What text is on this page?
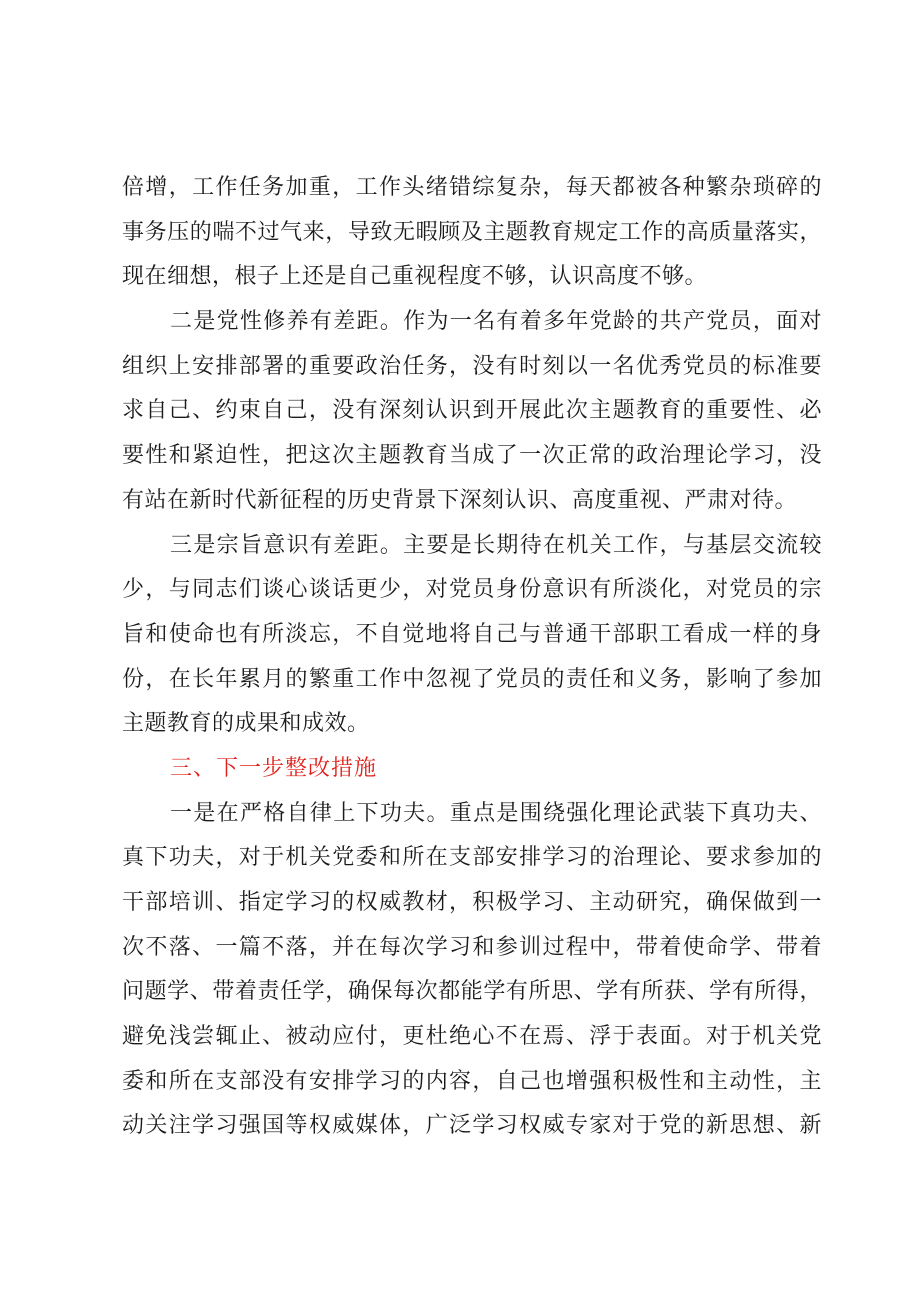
倍增，工作任务加重，工作头绪错综复杂，每天都被各种繁杂琐碎的
事务压的喘不过气来，导致无暇顾及主题教育规定工作的高质量落实，
现在细想，根子上还是自己重视程度不够，认识高度不够。
二是党性修养有差距。作为一名有着多年党龄的共产党员，面对
组织上安排部署的重要政治任务，没有时刻以一名优秀党员的标准要
求自己、约束自己，没有深刻认识到开展此次主题教育的重要性、必
要性和紧迫性，把这次主题教育当成了一次正常的政治理论学习，没
有站在新时代新征程的历史背景下深刻认识、高度重视、严肃对待。
三是宗旨意识有差距。主要是长期待在机关工作，与基层交流较
少，与同志们谈心谈话更少，对党员身份意识有所淡化，对党员的宗
旨和使命也有所淡忘，不自觉地将自己与普通干部职工看成一样的身
份，在长年累月的繁重工作中忽视了党员的责任和义务，影响了参加
主题教育的成果和成效。
三、下一步整改措施
一是在严格自律上下功夫。重点是围绕强化理论武装下真功夫、
真下功夫，对于机关党委和所在支部安排学习的治理论、要求参加的
干部培训、指定学习的权威教材，积极学习、主动研究，确保做到一
次不落、一篇不落，并在每次学习和参训过程中，带着使命学、带着
问题学、带着责任学，确保每次都能学有所思、学有所获、学有所得，
避免浅尝辄止、被动应付，更杜绝心不在焉、浮于表面。对于机关党
委和所在支部没有安排学习的内容，自己也增强积极性和主动性，主
动关注学习强国等权威媒体，广泛学习权威专家对于党的新思想、新
